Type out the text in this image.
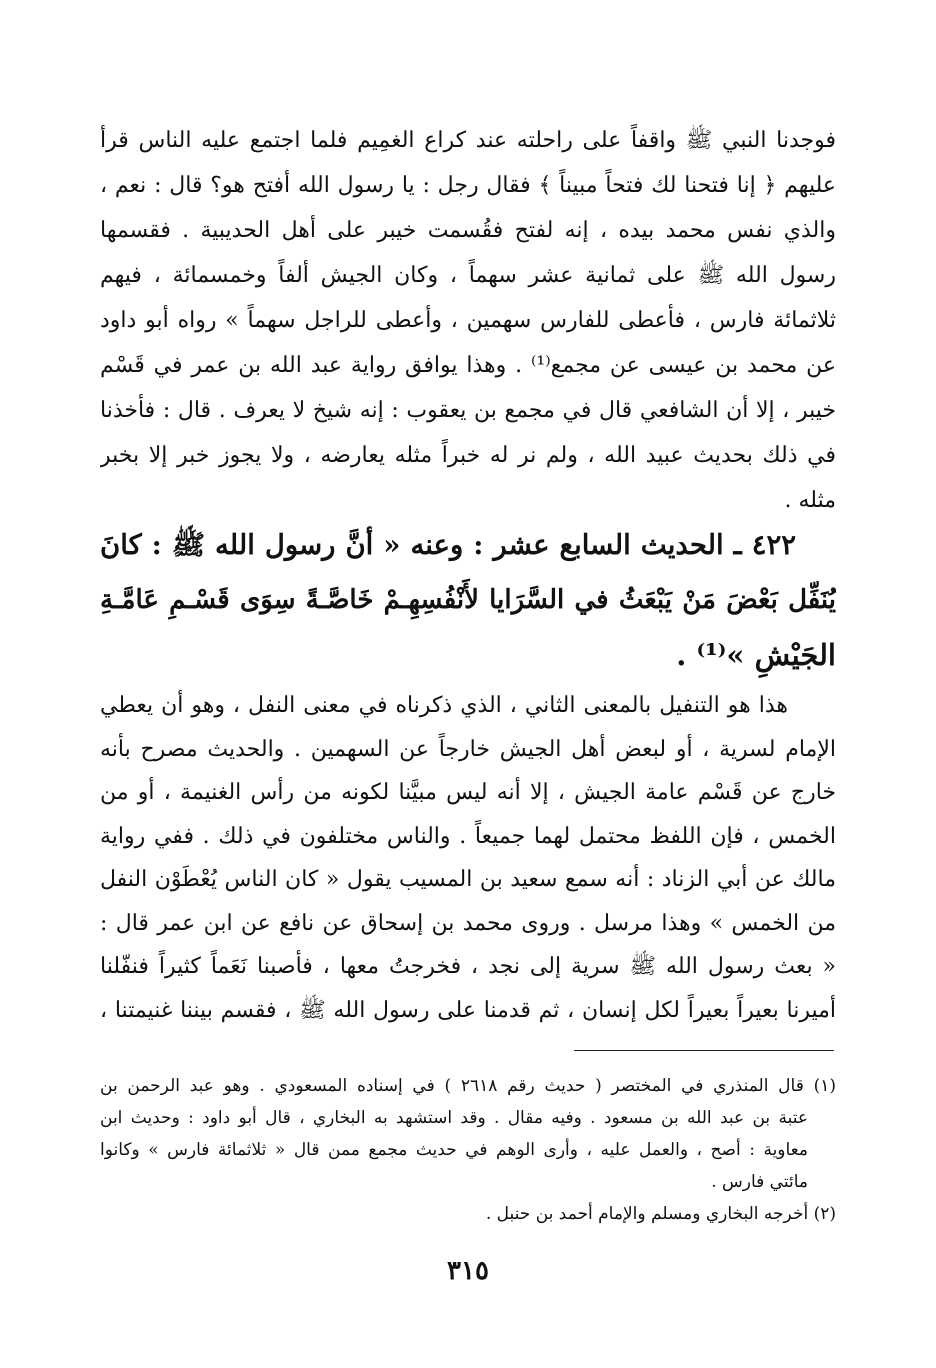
فوجدنا النبي ﷺ واقفاً على راحلته عند كراع الغمِيم فلما اجتمع عليه الناس قرأ
عليهم ﴿ إنا فتحنا لك فتحاً مبيناً ﴾ فقال رجل : يا رسول الله أفتح هو؟ قال : نعم ،
والذي نفس محمد بيده ، إنه لفتح فقُسمت خيبر على أهل الحديبية . فقسمها
رسول الله ﷺ على ثمانية عشر سهماً ، وكان الجيش ألفاً وخمسمائة ، فيهم
ثلاثمائة فارس ، فأعطى للفارس سهمين ، وأعطى للراجل سهماً » رواه أبو داود
عن محمد بن عيسى عن مجمع⁽¹⁾ . وهذا يوافق رواية عبد الله بن عمر في قَسْم
خيبر ، إلا أن الشافعي قال في مجمع بن يعقوب : إنه شيخ لا يعرف . قال : فأخذنا
في ذلك بحديث عبيد الله ، ولم نر له خبراً مثله يعارضه ، ولا يجوز خبر إلا بخبر
مثله .
٤٢٢ ـ الحديث السابع عشر : وعنه « أنَّ رسول الله ﷺ : كانَ
يُنَفِّل بَعْضَ مَنْ يَبْعَثُ في السَّرَايا لأَنْفُسِهِـمْ خَاصَّـةً سِوَى قَسْـمِ عَامَّـةِ
الجَيْشِ »⁽¹⁾ .
هذا هو التنفيل بالمعنى الثاني ، الذي ذكرناه في معنى النفل ، وهو أن يعطي
الإمام لسرية ، أو لبعض أهل الجيش خارجاً عن السهمين . والحديث مصرح بأنه
خارج عن قَسْم عامة الجيش ، إلا أنه ليس مبيَّنا لكونه من رأس الغنيمة ، أو من
الخمس ، فإن اللفظ محتمل لهما جميعاً . والناس مختلفون في ذلك . ففي رواية
مالك عن أبي الزناد : أنه سمع سعيد بن المسيب يقول « كان الناس يُعْطَوْن النفل
من الخمس » وهذا مرسل . وروى محمد بن إسحاق عن نافع عن ابن عمر قال :
« بعث رسول الله ﷺ سرية إلى نجد ، فخرجتُ معها ، فأصبنا نَعَماً كثيراً فنفّلنا
أميرنا بعيراً بعيراً لكل إنسان ، ثم قدمنا على رسول الله ﷺ ، فقسم بيننا غنيمتنا ،
(١) قال المنذري في المختصر ( حديث رقم ٢٦١٨ ) في إسناده المسعودي . وهو عبد الرحمن بن
عتبة بن عبد الله بن مسعود . وفيه مقال . وقد استشهد به البخاري ، قال أبو داود : وحديث ابن
معاوية : أصح ، والعمل عليه ، وأرى الوهم في حديث مجمع ممن قال « ثلاثمائة فارس » وكانوا
مائتي فارس .
(٢) أخرجه البخاري ومسلم والإمام أحمد بن حنبل .
٣١٥
